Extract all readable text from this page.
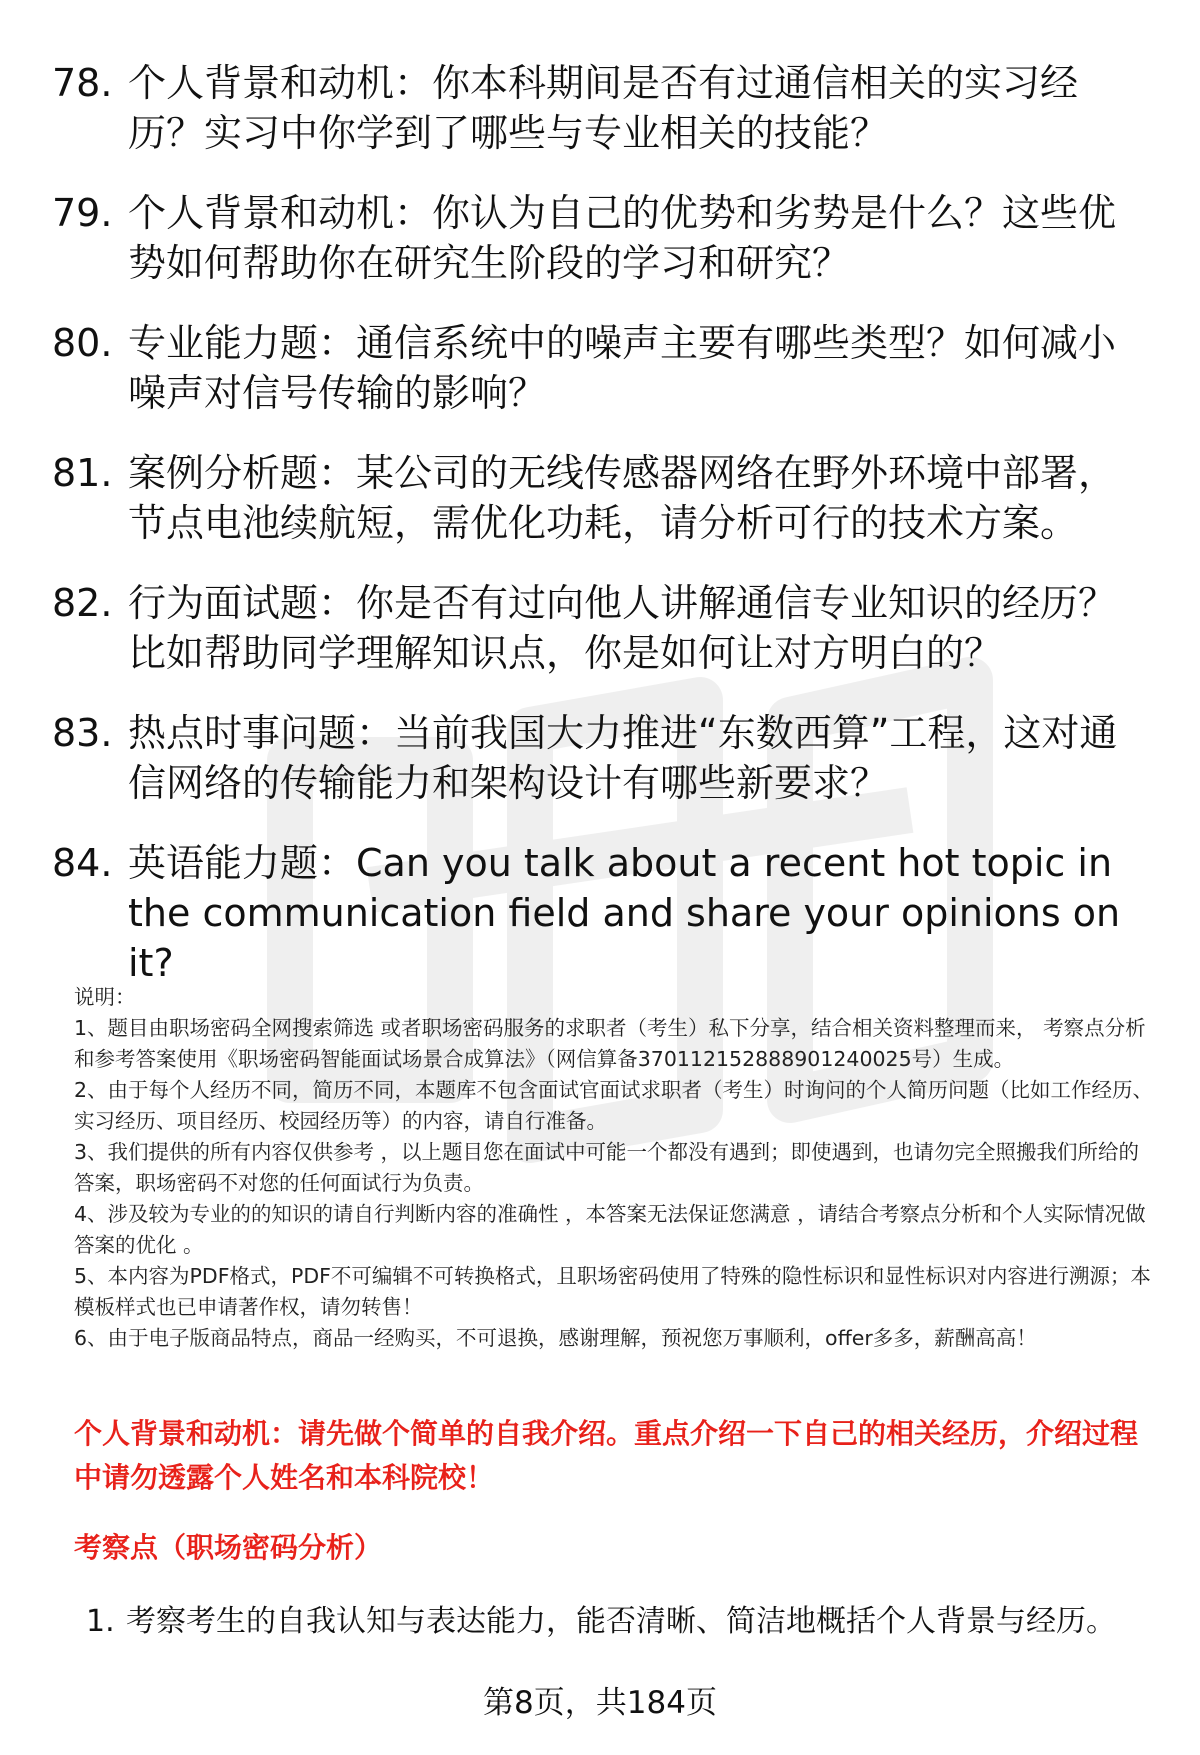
78. 个人背景和动机：你本科期间是否有过通信相关的实习经历？实习中你学到了哪些与专业相关的技能？
79. 个人背景和动机：你认为自己的优势和劣势是什么？这些优势如何帮助你在研究生阶段的学习和研究？
80. 专业能力题：通信系统中的噪声主要有哪些类型？如何减小噪声对信号传输的影响？
81. 案例分析题：某公司的无线传感器网络在野外环境中部署，节点电池续航短，需优化功耗，请分析可行的技术方案。
82. 行为面试题：你是否有过向他人讲解通信专业知识的经历？比如帮助同学理解知识点，你是如何让对方明白的？
83. 热点时事问题：当前我国大力推进“东数西算”工程，这对通信网络的传输能力和架构设计有哪些新要求？
84. 英语能力题：Can you talk about a recent hot topic in the communication field and share your opinions on it?

说明：

1、题目由职场密码全网搜索筛选 或者职场密码服务的求职者（考生）私下分享，结合相关资料整理而来， 考察点分析和参考答案使用《职场密码智能面试场景合成算法》（网信算备370112152888901240025号）生成。

2、由于每个人经历不同，简历不同，本题库不包含面试官面试求职者（考生）时询问的个人简历问题（比如工作经历、实习经历、项目经历、校园经历等）的内容，请自行准备。

3、我们提供的所有内容仅供参考 ，以上题目您在面试中可能一个都没有遇到；即使遇到，也请勿完全照搬我们所给的答案，职场密码不对您的任何面试行为负责。

4、涉及较为专业的的知识的请自行判断内容的准确性 ，本答案无法保证您满意 ，请结合考察点分析和个人实际情况做答案的优化 。

5、本内容为PDF格式，PDF不可编辑不可转换格式，且职场密码使用了特殊的隐性标识和显性标识对内容进行溯源；本模板样式也已申请著作权，请勿转售！

6、由于电子版商品特点，商品一经购买，不可退换，感谢理解，预祝您万事顺利，offer多多，薪酬高高！

个人背景和动机：请先做个简单的自我介绍。重点介绍一下自己的相关经历，介绍过程中请勿透露个人姓名和本科院校！
考察点（职场密码分析）
1. 考察考生的自我认知与表达能力，能否清晰、简洁地概括个人背景与经历。
第8页，共184页
